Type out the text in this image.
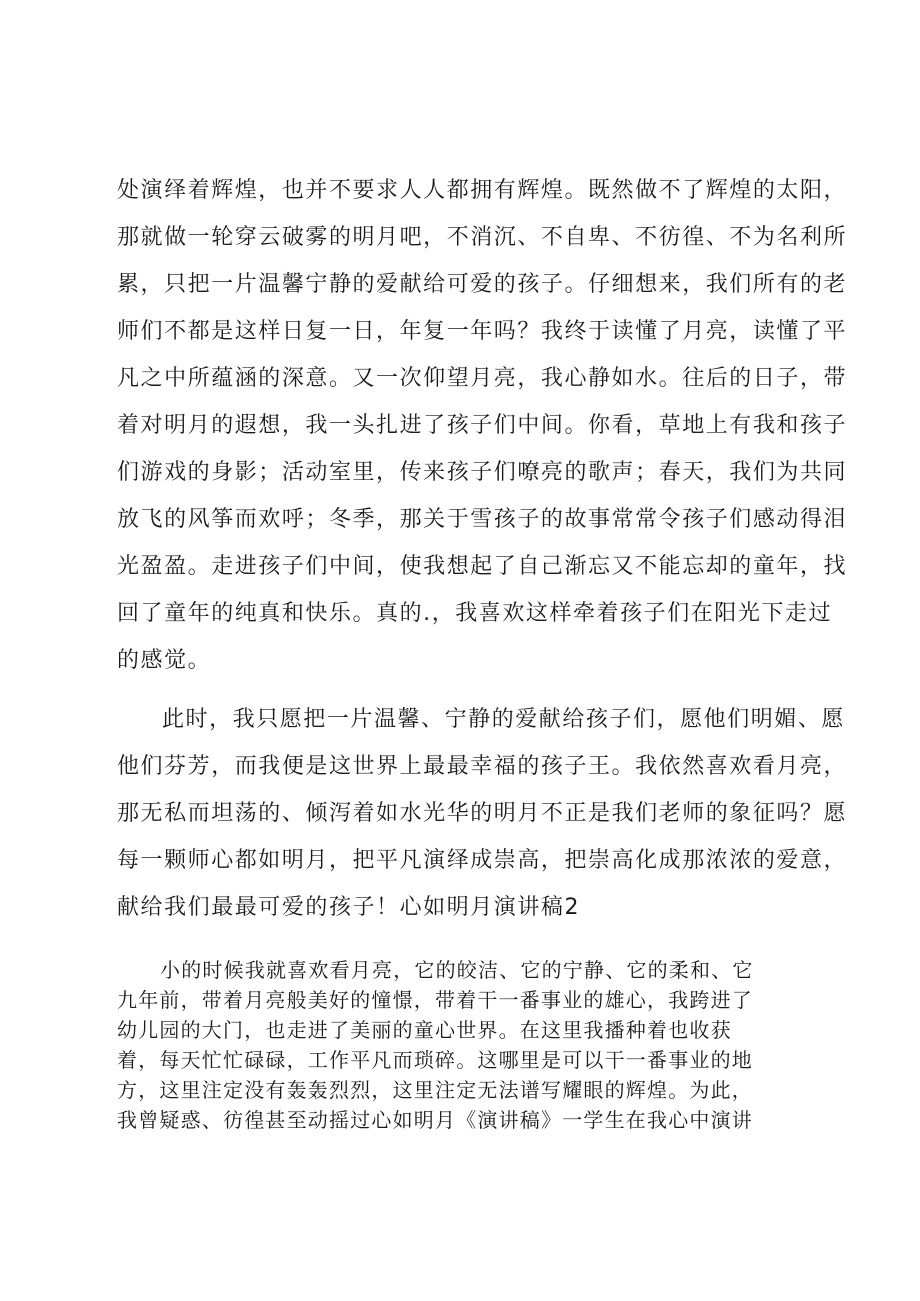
处演绎着辉煌，也并不要求人人都拥有辉煌。既然做不了辉煌的太阳，
那就做一轮穿云破雾的明月吧，不消沉、不自卑、不彷徨、不为名利所
累，只把一片温馨宁静的爱献给可爱的孩子。仔细想来，我们所有的老
师们不都是这样日复一日，年复一年吗？我终于读懂了月亮，读懂了平
凡之中所蕴涵的深意。又一次仰望月亮，我心静如水。往后的日子，带
着对明月的遐想，我一头扎进了孩子们中间。你看，草地上有我和孩子
们游戏的身影；活动室里，传来孩子们嘹亮的歌声；春天，我们为共同
放飞的风筝而欢呼；冬季，那关于雪孩子的故事常常令孩子们感动得泪
光盈盈。走进孩子们中间，使我想起了自己渐忘又不能忘却的童年，找
回了童年的纯真和快乐。真的.，我喜欢这样牵着孩子们在阳光下走过
的感觉。
此时，我只愿把一片温馨、宁静的爱献给孩子们，愿他们明媚、愿
他们芬芳，而我便是这世界上最最幸福的孩子王。我依然喜欢看月亮，
那无私而坦荡的、倾泻着如水光华的明月不正是我们老师的象征吗？愿
每一颗师心都如明月，把平凡演绎成崇高，把崇高化成那浓浓的爱意，
献给我们最最可爱的孩子！心如明月演讲稿2
小的时候我就喜欢看月亮，它的皎洁、它的宁静、它的柔和、它
九年前，带着月亮般美好的憧憬，带着干一番事业的雄心，我跨进了
幼儿园的大门，也走进了美丽的童心世界。在这里我播种着也收获
着，每天忙忙碌碌，工作平凡而琐碎。这哪里是可以干一番事业的地
方，这里注定没有轰轰烈烈，这里注定无法谱写耀眼的辉煌。为此，
我曾疑惑、彷徨甚至动摇过心如明月《演讲稿》一学生在我心中演讲
